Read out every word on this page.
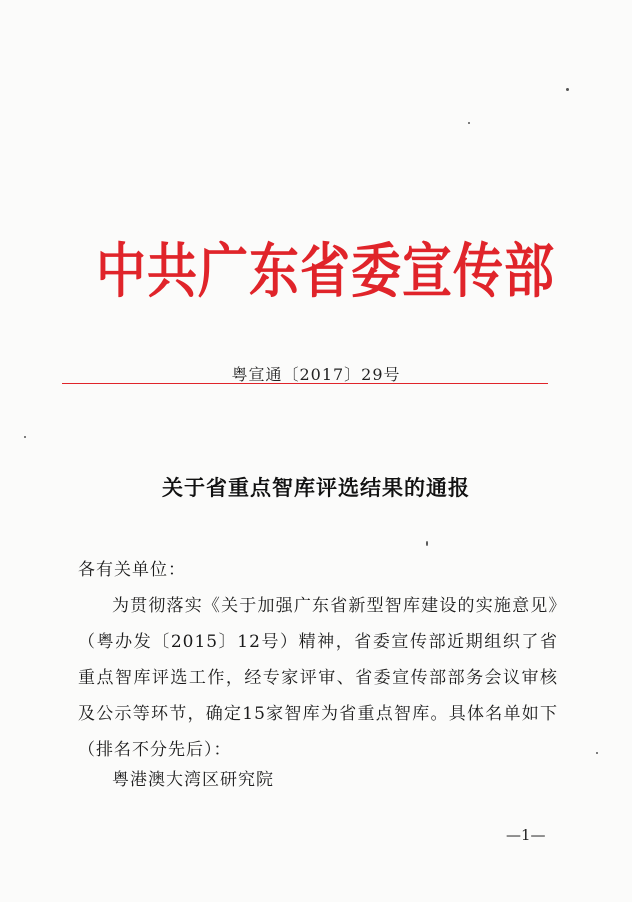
中共广东省委宣传部
粤宣通〔2017〕29号
关于省重点智库评选结果的通报
各有关单位：
为贯彻落实《关于加强广东省新型智库建设的实施意见》（粤办发〔2015〕12号）精神，省委宣传部近期组织了省重点智库评选工作，经专家评审、省委宣传部部务会议审核及公示等环节，确定15家智库为省重点智库。具体名单如下（排名不分先后）：
粤港澳大湾区研究院
—1—
